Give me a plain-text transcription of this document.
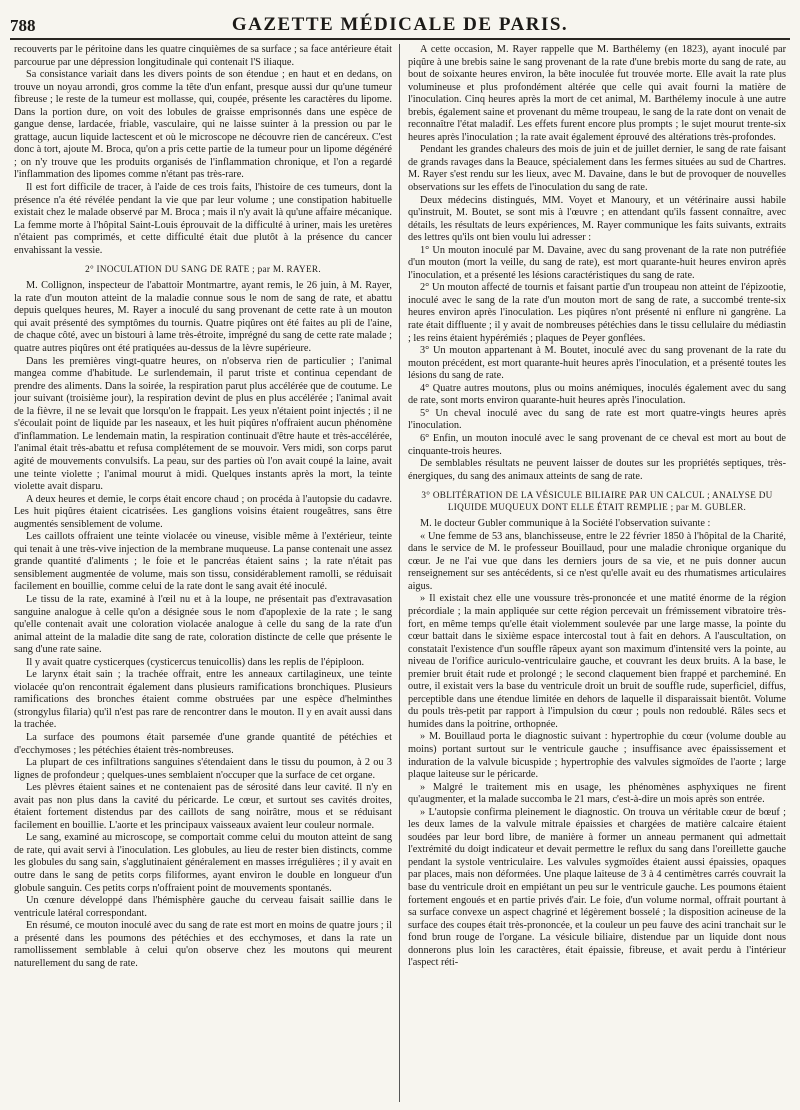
788	GAZETTE MÉDICALE DE PARIS.

recouverts par le péritoine dans les quatre cinquièmes de sa surface ; sa face antérieure était parcourue par une dépression longitudinale qui contenait l'S iliaque.

Sa consistance variait dans les divers points de son étendue ; en haut et en dedans, on trouve un noyau arrondi, gros comme la tête d'un enfant, presque aussi dur qu'une tumeur fibreuse ; le reste de la tumeur est mollasse, qui, coupée, présente les caractères du lipome. Dans la portion dure, on voit des lobules de graisse emprisonnés dans une espèce de gangue dense, lardacée, friable, vasculaire, qui ne laisse suinter à la pression ou par le grattage, aucun liquide lactescent et où le microscope ne découvre rien de cancéreux. C'est donc à tort, ajoute M. Broca, qu'on a pris cette partie de la tumeur pour un lipome dégénéré ; on n'y trouve que les produits organisés de l'inflammation chronique, et l'on a regardé l'inflammation des lipomes comme n'étant pas très-rare.

Il est fort difficile de tracer, à l'aide de ces trois faits, l'histoire de ces tumeurs, dont la présence n'a été révélée pendant la vie que par leur volume ; une constipation habituelle existait chez le malade observé par M. Broca ; mais il n'y avait là qu'une affaire mécanique. La femme morte à l'hôpital Saint-Louis éprouvait de la difficulté à uriner, mais les uretères n'étaient pas comprimés, et cette difficulté était due plutôt à la présence du cancer envahissant la vessie.

2° INOCULATION DU SANG DE RATE ; par M. RAYER.

M. Collignon, inspecteur de l'abattoir Montmartre, ayant remis, le 26 juin, à M. Rayer, la rate d'un mouton atteint de la maladie connue sous le nom de sang de rate, et abattu depuis quelques heures, M. Rayer a inoculé du sang provenant de cette rate à un mouton qui avait présenté des symptômes du tournis. Quatre piqûres ont été faites au pli de l'aine, de chaque côté, avec un bistouri à lame très-étroite, imprégné du sang de cette rate malade ; quatre autres piqûres ont été pratiquées au-dessus de la lèvre supérieure.

Dans les premières vingt-quatre heures, on n'observa rien de particulier ; l'animal mangea comme d'habitude. Le surlendemain, il parut triste et continua cependant de prendre des aliments. Dans la soirée, la respiration parut plus accélérée que de coutume. Le jour suivant (troisième jour), la respiration devint de plus en plus accélérée ; l'animal avait de la fièvre, il ne se levait que lorsqu'on le frappait. Les yeux n'étaient point injectés ; il ne s'écoulait point de liquide par les naseaux, et les huit piqûres n'offraient aucun phénomène d'inflammation. Le lendemain matin, la respiration continuait d'être haute et très-accélérée, l'animal était très-abattu et refusa complétement de se mouvoir. Vers midi, son corps parut agité de mouvements convulsifs. La peau, sur des parties où l'on avait coupé la laine, avait une teinte violette ; l'animal mourut à midi. Quelques instants après la mort, la teinte violette avait disparu.

A deux heures et demie, le corps était encore chaud ; on procéda à l'autopsie du cadavre. Les huit piqûres étaient cicatrisées. Les ganglions voisins étaient rougeâtres, sans être augmentés sensiblement de volume.

Les caillots offraient une teinte violacée ou vineuse, visible même à l'extérieur, teinte qui tenait à une très-vive injection de la membrane muqueuse. La panse contenait une assez grande quantité d'aliments ; le foie et le pancréas étaient sains ; la rate n'était pas sensiblement augmentée de volume, mais son tissu, considérablement ramolli, se réduisait facilement en bouillie, comme celui de la rate dont le sang avait été inoculé.

Le tissu de la rate, examiné à l'œil nu et à la loupe, ne présentait pas d'extravasation sanguine analogue à celle qu'on a désignée sous le nom d'apoplexie de la rate ; le sang qu'elle contenait avait une coloration violacée analogue à celle du sang de la rate d'un animal atteint de la maladie dite sang de rate, coloration distincte de celle que présente le sang d'une rate saine.

Il y avait quatre cysticerques (cysticercus tenuicollis) dans les replis de l'épiploon.

Le larynx était sain ; la trachée offrait, entre les anneaux cartilagineux, une teinte violacée qu'on rencontrait également dans plusieurs ramifications bronchiques. Plusieurs ramifications des bronches étaient comme obstruées par une espèce d'helminthes (strongylus filaria) qu'il n'est pas rare de rencontrer dans le mouton. Il y en avait aussi dans la trachée.

La surface des poumons était parsemée d'une grande quantité de pétéchies et d'ecchymoses ; les pétéchies étaient très-nombreuses.

La plupart de ces infiltrations sanguines s'étendaient dans le tissu du poumon, à 2 ou 3 lignes de profondeur ; quelques-unes semblaient n'occuper que la surface de cet organe.

Les plèvres étaient saines et ne contenaient pas de sérosité dans leur cavité. Il n'y en avait pas non plus dans la cavité du péricarde. Le cœur, et surtout ses cavités droites, étaient fortement distendus par des caillots de sang noirâtre, mous et se réduisant facilement en bouillie. L'aorte et les principaux vaisseaux avaient leur couleur normale.

Le sang, examiné au microscope, se comportait comme celui du mouton atteint de sang de rate, qui avait servi à l'inoculation. Les globules, au lieu de rester bien distincts, comme les globules du sang sain, s'agglutinaient généralement en masses irrégulières ; il y avait en outre dans le sang de petits corps filiformes, ayant environ le double en longueur d'un globule sanguin. Ces petits corps n'offraient point de mouvements spontanés.

Un cœnure développé dans l'hémisphère gauche du cerveau faisait saillie dans le ventricule latéral correspondant.

En résumé, ce mouton inoculé avec du sang de rate est mort en moins de quatre jours ; il a présenté dans les poumons des pétéchies et des ecchymoses, et dans la rate un ramollissement semblable à celui qu'on observe chez les moutons qui meurent naturellement du sang de rate.

A cette occasion, M. Rayer rappelle que M. Barthélemy (en 1823), ayant inoculé par piqûre à une brebis saine le sang provenant de la rate d'une brebis morte du sang de rate, au bout de soixante heures environ, la bête inoculée fut trouvée morte. Elle avait la rate plus volumineuse et plus profondément altérée que celle qui avait fourni la matière de l'inoculation. Cinq heures après la mort de cet animal, M. Barthélemy inocule à une autre brebis, également saine et provenant du même troupeau, le sang de la rate dont on venait de reconnaître l'état maladif. Les effets furent encore plus prompts ; le sujet mourut trente-six heures après l'inoculation ; la rate avait également éprouvé des altérations très-profondes.

Pendant les grandes chaleurs des mois de juin et de juillet dernier, le sang de rate faisant de grands ravages dans la Beauce, spécialement dans les fermes situées au sud de Chartres. M. Rayer s'est rendu sur les lieux, avec M. Davaine, dans le but de provoquer de nouvelles observations sur les effets de l'inoculation du sang de rate.

Deux médecins distingués, MM. Voyet et Manoury, et un vétérinaire aussi habile qu'instruit, M. Boutet, se sont mis à l'œuvre ; en attendant qu'ils fassent connaître, avec détails, les résultats de leurs expériences, M. Rayer communique les faits suivants, extraits des lettres qu'ils ont bien voulu lui adresser :

1° Un mouton inoculé par M. Davaine, avec du sang provenant de la rate non putréfiée d'un mouton (mort la veille, du sang de rate), est mort quarante-huit heures environ après l'inoculation, et a présenté les lésions caractéristiques du sang de rate.

2° Un mouton affecté de tournis et faisant partie d'un troupeau non atteint de l'épizootie, inoculé avec le sang de la rate d'un mouton mort de sang de rate, a succombé trente-six heures environ après l'inoculation. Les piqûres n'ont présenté ni enflure ni gangrène. La rate était diffluente ; il y avait de nombreuses pétéchies dans le tissu cellulaire du médiastin ; les reins étaient hypérémiés ; plaques de Peyer gonflées.

3° Un mouton appartenant à M. Boutet, inoculé avec du sang provenant de la rate du mouton précédent, est mort quarante-huit heures après l'inoculation, et a présenté toutes les lésions du sang de rate.

4° Quatre autres moutons, plus ou moins anémiques, inoculés également avec du sang de rate, sont morts environ quarante-huit heures après l'inoculation.

5° Un cheval inoculé avec du sang de rate est mort quatre-vingts heures après l'inoculation.

6° Enfin, un mouton inoculé avec le sang provenant de ce cheval est mort au bout de cinquante-trois heures.

De semblables résultats ne peuvent laisser de doutes sur les propriétés septiques, très-énergiques, du sang des animaux atteints de sang de rate.

3° OBLITÉRATION DE LA VÉSICULE BILIAIRE PAR UN CALCUL ; ANALYSE DU LIQUIDE MUQUEUX DONT ELLE ÉTAIT REMPLIE ; par M. GUBLER.

M. le docteur Gubler communique à la Société l'observation suivante :

« Une femme de 53 ans, blanchisseuse, entre le 22 février 1850 à l'hôpital de la Charité, dans le service de M. le professeur Bouillaud, pour une maladie chronique organique du cœur. Je ne l'ai vue que dans les derniers jours de sa vie, et ne puis donner aucun renseignement sur ses antécédents, si ce n'est qu'elle avait eu des rhumatismes articulaires aigus.

» Il existait chez elle une voussure très-prononcée et une matité énorme de la région précordiale ; la main appliquée sur cette région percevait un frémissement vibratoire très-fort, en même temps qu'elle était violemment soulevée par une large masse, la pointe du cœur battait dans le sixième espace intercostal tout à fait en dehors. A l'auscultation, on constatait l'existence d'un souffle râpeux ayant son maximum d'intensité vers la pointe, au niveau de l'orifice auriculo-ventriculaire gauche, et couvrant les deux bruits. A la base, le premier bruit était rude et prolongé ; le second claquement bien frappé et parcheminé. En outre, il existait vers la base du ventricule droit un bruit de souffle rude, superficiel, diffus, perceptible dans une étendue limitée en dehors de laquelle il disparaissait bientôt. Volume du pouls très-petit par rapport à l'impulsion du cœur ; pouls non redoublé. Râles secs et humides dans la poitrine, orthopnée.

» M. Bouillaud porta le diagnostic suivant : hypertrophie du cœur (volume double au moins) portant surtout sur le ventricule gauche ; insuffisance avec épaississement et induration de la valvule bicuspide ; hypertrophie des valvules sigmoïdes de l'aorte ; large plaque laiteuse sur le péricarde.

» Malgré le traitement mis en usage, les phénomènes asphyxiques ne firent qu'augmenter, et la malade succomba le 21 mars, c'est-à-dire un mois après son entrée.

» L'autopsie confirma pleinement le diagnostic. On trouva un véritable cœur de bœuf ; les deux lames de la valvule mitrale épaissies et chargées de matière calcaire étaient soudées par leur bord libre, de manière à former un anneau permanent qui admettait l'extrémité du doigt indicateur et devait permettre le reflux du sang dans l'oreillette gauche pendant la systole ventriculaire. Les valvules sygmoïdes étaient aussi épaissies, opaques par places, mais non déformées. Une plaque laiteuse de 3 à 4 centimètres carrés couvrait la base du ventricule droit en empiétant un peu sur le ventricule gauche. Les poumons étaient fortement engoués et en partie privés d'air. Le foie, d'un volume normal, offrait pourtant à sa surface convexe un aspect chagriné et légèrement bosselé ; la disposition acineuse de la surface des coupes était très-prononcée, et la couleur un peu fauve des acini tranchait sur le fond brun rouge de l'organe. La vésicule biliaire, distendue par un liquide dont nous donnerons plus loin les caractères, était épaissie, fibreuse, et avait perdu à l'intérieur l'aspect réti-
